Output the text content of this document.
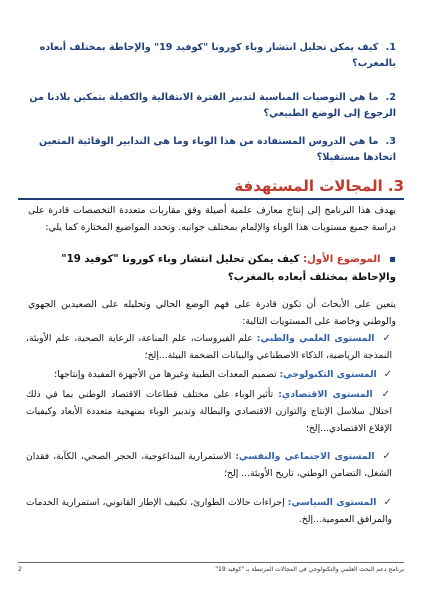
1. كيف يمكن تحليل انتشار وباء كورونا "كوفيد 19" والإحاطة بمختلف أبعاده بالمغرب؟
2. ما هي التوصيات المناسبة لتدبير الفترة الانتقالية والكفيلة بتمكين بلادنا من الرجوع إلى الوضع الطبيعي؟
3. ما هي الدروس المستفادة من هذا الوباء وما هي التدابير الوقائية المتعين اتخاذها مستقبلا؟
3. المجالات المستهدفة
يهدف هذا البرنامج إلى إنتاج معارف علمية أصيلة وفق مقاربات متعددة التخصصات قادرة على دراسة جميع مستويات هذا الوباء والإلمام بمختلف جوانبه. وتحدد المواضيع المختارة كما يلي:
▪ الموضوع الأول: كيف يمكن تحليل انتشار وباء كورونا "كوفيد 19" والإحاطة بمختلف أبعاده بالمغرب؟
يتعين على الأبحاث أن تكون قادرة على فهم الوضع الحالي وتحليله على الصعيدين الجهوي والوطني وخاصة على المستويات التالية:
✓ المستوى العلمي والطبي: علم الفيروسات، علم المناعة، الرعاية الصحية، علم الأوبئة، النمذجة الرياضية، الذكاء الاصطناعي والبيانات الضخمة البيئة...إلخ؛
✓ المستوى التكنولوجي: تصميم المعدات الطبية وغيرها من الأجهزة المفيدة وإنتاجها؛
✓ المستوى الاقتصادي: تأثير الوباء على مختلف قطاعات الاقتصاد الوطني بما في ذلك اختلال سلاسل الإنتاج والتوازن الاقتصادي والبطالة وتدبير الوباء بمنهجية متعددة الأبعاد وكيفيات الإقلاع الاقتصادي...إلخ؛
✓ المستوى الاجتماعي والنفسي: الاستمرارية البيداغوجية، الحجر الصحي، الكآبة، فقدان الشغل، التضامن الوطني، تاريخ الأوبئة... إلخ؛
✓ المستوى السياسي: إجراءات حالات الطوارئ، تكييف الإطار القانوني، استمرارية الخدمات والمرافق العمومية...إلخ.
برنامج دعم البحث العلمي والتكنولوجي في المجالات المرتبطة بـ "كوفيد 19"
2
